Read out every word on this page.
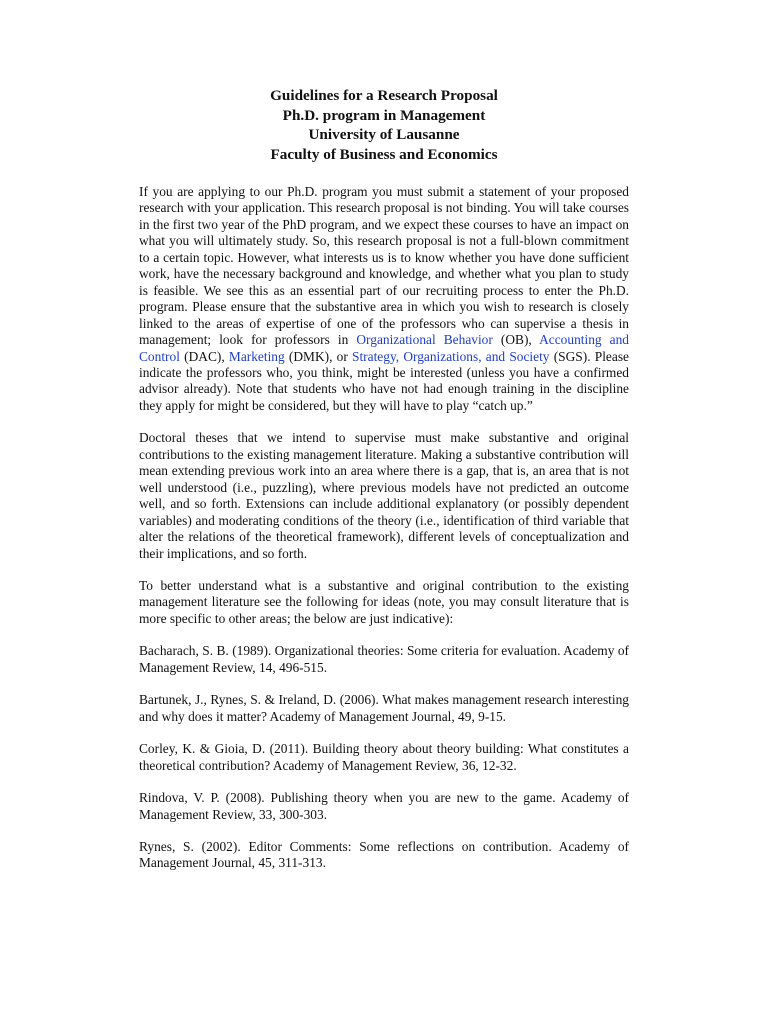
Guidelines for a Research Proposal
Ph.D. program in Management
University of Lausanne
Faculty of Business and Economics

If you are applying to our Ph.D. program you must submit a statement of your proposed research with your application. This research proposal is not binding. You will take courses in the first two year of the PhD program, and we expect these courses to have an impact on what you will ultimately study. So, this research proposal is not a full-blown commitment to a certain topic. However, what interests us is to know whether you have done sufficient work, have the necessary background and knowledge, and whether what you plan to study is feasible. We see this as an essential part of our recruiting process to enter the Ph.D. program. Please ensure that the substantive area in which you wish to research is closely linked to the areas of expertise of one of the professors who can supervise a thesis in management; look for professors in Organizational Behavior (OB), Accounting and Control (DAC), Marketing (DMK), or Strategy, Organizations, and Society (SGS). Please indicate the professors who, you think, might be interested (unless you have a confirmed advisor already). Note that students who have not had enough training in the discipline they apply for might be considered, but they will have to play “catch up.”

Doctoral theses that we intend to supervise must make substantive and original contributions to the existing management literature. Making a substantive contribution will mean extending previous work into an area where there is a gap, that is, an area that is not well understood (i.e., puzzling), where previous models have not predicted an outcome well, and so forth. Extensions can include additional explanatory (or possibly dependent variables) and moderating conditions of the theory (i.e., identification of third variable that alter the relations of the theoretical framework), different levels of conceptualization and their implications, and so forth.

To better understand what is a substantive and original contribution to the existing management literature see the following for ideas (note, you may consult literature that is more specific to other areas; the below are just indicative):

Bacharach, S. B. (1989). Organizational theories: Some criteria for evaluation. Academy of Management Review, 14, 496-515.

Bartunek, J., Rynes, S. & Ireland, D. (2006). What makes management research interesting and why does it matter? Academy of Management Journal, 49, 9-15.

Corley, K. & Gioia, D. (2011). Building theory about theory building: What constitutes a theoretical contribution? Academy of Management Review, 36, 12-32.

Rindova, V. P. (2008). Publishing theory when you are new to the game. Academy of Management Review, 33, 300-303.

Rynes, S. (2002). Editor Comments: Some reflections on contribution. Academy of Management Journal, 45, 311-313.
